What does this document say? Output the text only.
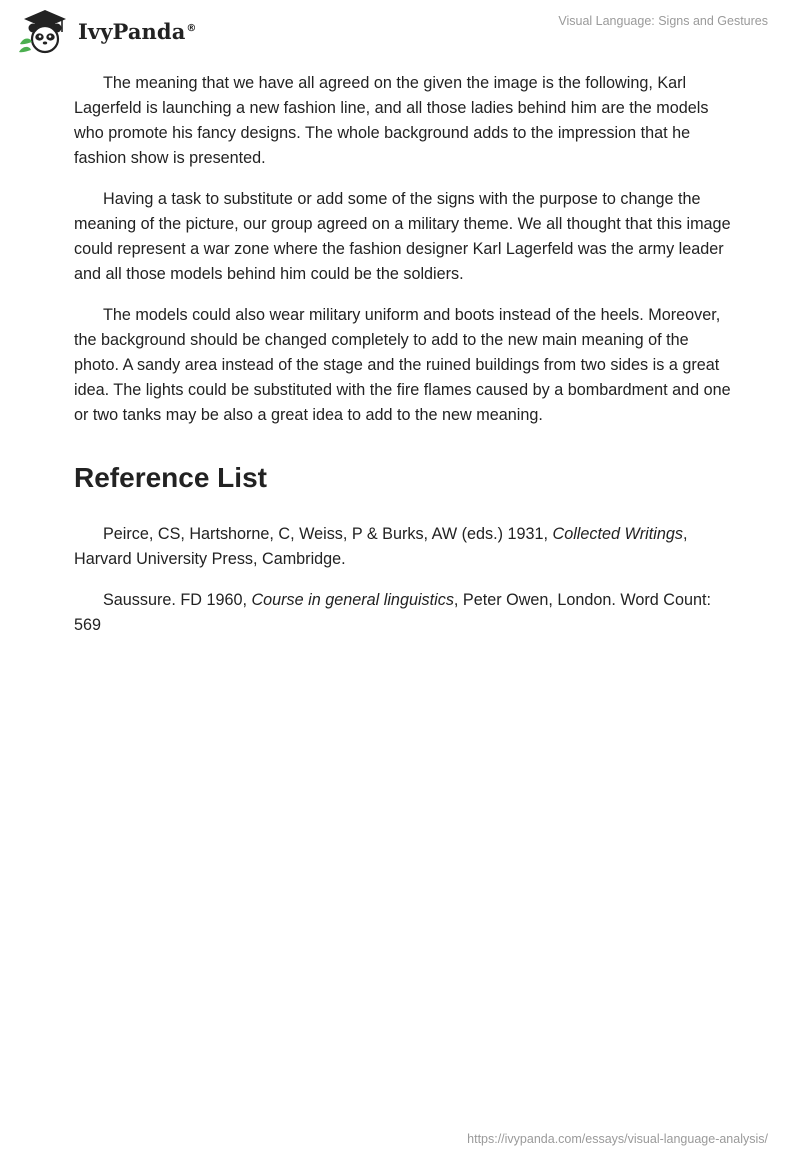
IvyPanda®	Visual Language: Signs and Gestures

The meaning that we have all agreed on the given the image is the following, Karl Lagerfeld is launching a new fashion line, and all those ladies behind him are the models who promote his fancy designs. The whole background adds to the impression that he fashion show is presented.

Having a task to substitute or add some of the signs with the purpose to change the meaning of the picture, our group agreed on a military theme. We all thought that this image could represent a war zone where the fashion designer Karl Lagerfeld was the army leader and all those models behind him could be the soldiers.

The models could also wear military uniform and boots instead of the heels. Moreover, the background should be changed completely to add to the new main meaning of the photo. A sandy area instead of the stage and the ruined buildings from two sides is a great idea. The lights could be substituted with the fire flames caused by a bombardment and one or two tanks may be also a great idea to add to the new meaning.

Reference List

Peirce, CS, Hartshorne, C, Weiss, P & Burks, AW (eds.) 1931, Collected Writings, Harvard University Press, Cambridge.

Saussure. FD 1960, Course in general linguistics, Peter Owen, London. Word Count: 569

https://ivypanda.com/essays/visual-language-analysis/
